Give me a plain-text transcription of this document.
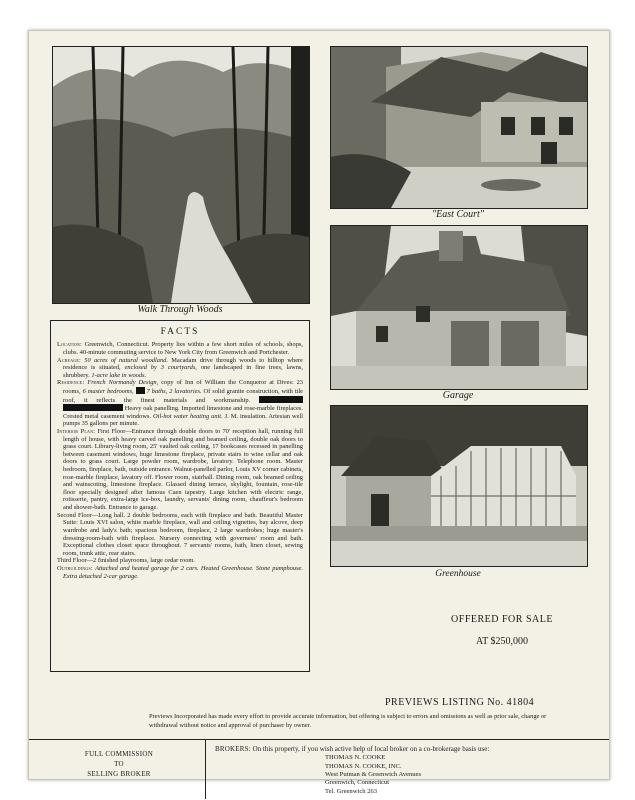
Walk Through Woods
"East Court"
Garage
Greenhouse
FACTS

Location: Greenwich, Connecticut. Property lies within a few short miles of schools, shops, clubs. 40-minute commuting service to New York City from Greenwich and Portchester.

Acreage: 50 acres of natural woodland. Macadam drive through woods to hilltop where residence is situated, enclosed by 3 courtyards, one landscaped in fine trees, lawns, shrubbery. 1-acre lake in woods.

Residence: French Normandy Design, copy of Inn of William the Conqueror at Dives: 23 rooms, 6 master bedrooms, 7 baths, 2 lavatories. Of solid granite construction, with tile roof, it reflects the finest materials and workmanship.   Heavy oak panelling. Imported limestone and rose-marble fireplaces. Crested metal casement windows. Oil-hot water heating unit. J. M. insulation. Artesian well pumps 35 gallons per minute.

Interior Plan: First Floor—Entrance through double doors to 70' reception hall, running full length of house, with heavy carved oak panelling and beamed ceiling, double oak doors to grass court. Library-living room, 25' vaulted oak ceiling, 17 bookcases recessed in panelling between casement windows, huge limestone fireplace, private stairs to wine cellar and oak doors to grass court. Large powder room, wardrobe, lavatory. Telephone room. Master bedroom, fireplace, bath, outside entrance. Walnut-panelled parlor, Louis XV corner cabinets, rose-marble fireplace, lavatory off. Flower room, stairhall. Dining room, oak beamed ceiling and wainscoting, limestone fireplace. Glassed dining terrace, skylight, fountain, rose-tile floor specially designed after famous Caen tapestry. Large kitchen with electric range, rotisserie, pantry, extra-large ice-box, laundry, servants' dining room, chauffeur's bedroom and shower-bath. Entrance to garage.

Second Floor—Long hall. 2 double bedrooms, each with fireplace and bath. Beautiful Master Suite: Louis XVI salon, white marble fireplace, wall and ceiling vignettes, bay alcove, deep wardrobe and lady's bath; spacious bedroom, fireplace, 2 large wardrobes; huge master's dressing-room-bath with fireplace. Nursery connecting with governess' room and bath. Exceptional clothes closet space throughout. 7 servants' rooms, bath, linen closet, sewing room, trunk attic, rear stairs.

Third Floor—2 finished playrooms, large cedar room.

Outbuildings: Attached and heated garage for 2 cars. Heated Greenhouse. Stone pumphouse. Extra detached 2-car garage.

OFFERED FOR SALE
AT $250,000
PREVIEWS LISTING No. 41804
Previews Incorporated has made every effort to provide accurate information, but offering is subject to errors and omissions as well as prior sale, change or withdrawal without notice and approval of purchaser by owner.
FULL COMMISSION
TO
SELLING BROKER
BROKERS: On this property, if you wish active help of local broker on a co-brokerage basis use:
THOMAS N. COOKE
THOMAS N. COOKE, INC.
West Putman & Greenwich Avenues
Greenwich, Connecticut
Tel. Greenwich 263
